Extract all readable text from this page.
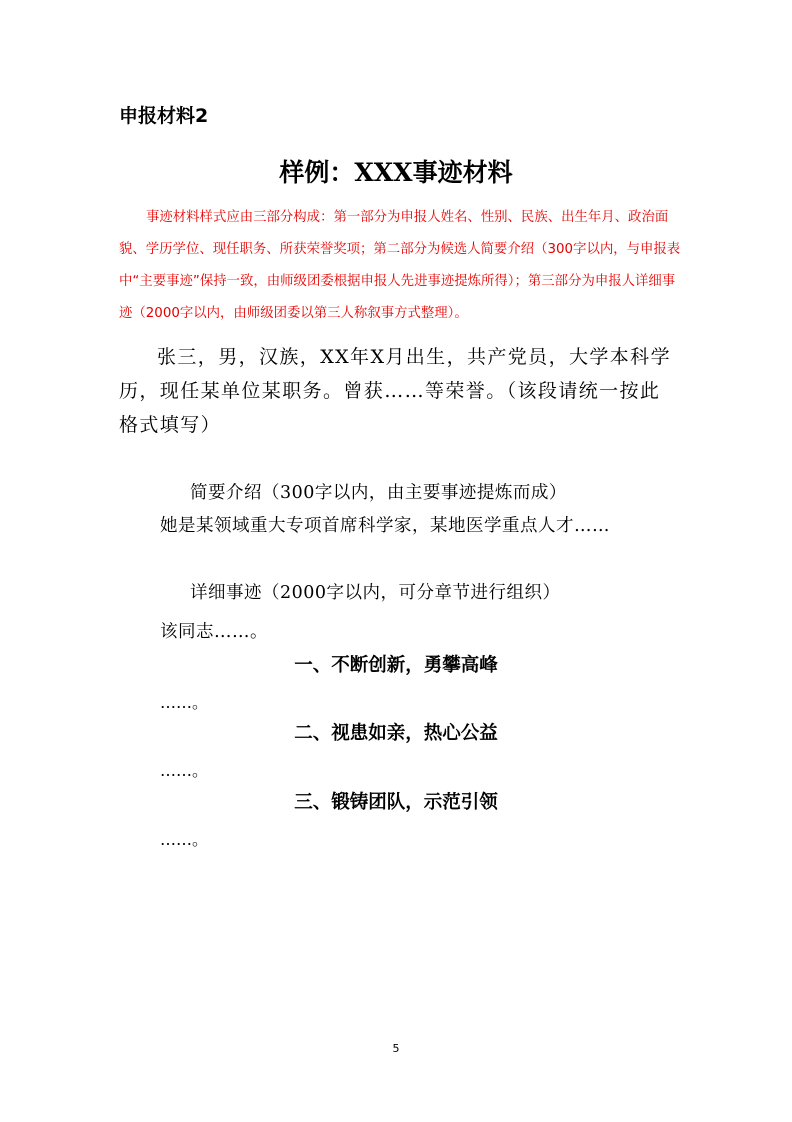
申报材料2
样例：XXX事迹材料
事迹材料样式应由三部分构成：第一部分为申报人姓名、性别、民族、出生年月、政治面貌、学历学位、现任职务、所获荣誉奖项；第二部分为候选人简要介绍（300字以内，与申报表中“主要事迹”保持一致，由师级团委根据申报人先进事迹提炼所得）；第三部分为申报人详细事迹（2000字以内，由师级团委以第三人称叙事方式整理）。
张三，男，汉族，XX年X月出生，共产党员，大学本科学历，现任某单位某职务。曾获……等荣誉。（该段请统一按此格式填写）
简要介绍（300字以内，由主要事迹提炼而成）
她是某领域重大专项首席科学家，某地医学重点人才……
详细事迹（2000字以内，可分章节进行组织）
该同志……。
一、不断创新，勇攀高峰
……。
二、视患如亲，热心公益
……。
三、锻铸团队，示范引领
……。
5
